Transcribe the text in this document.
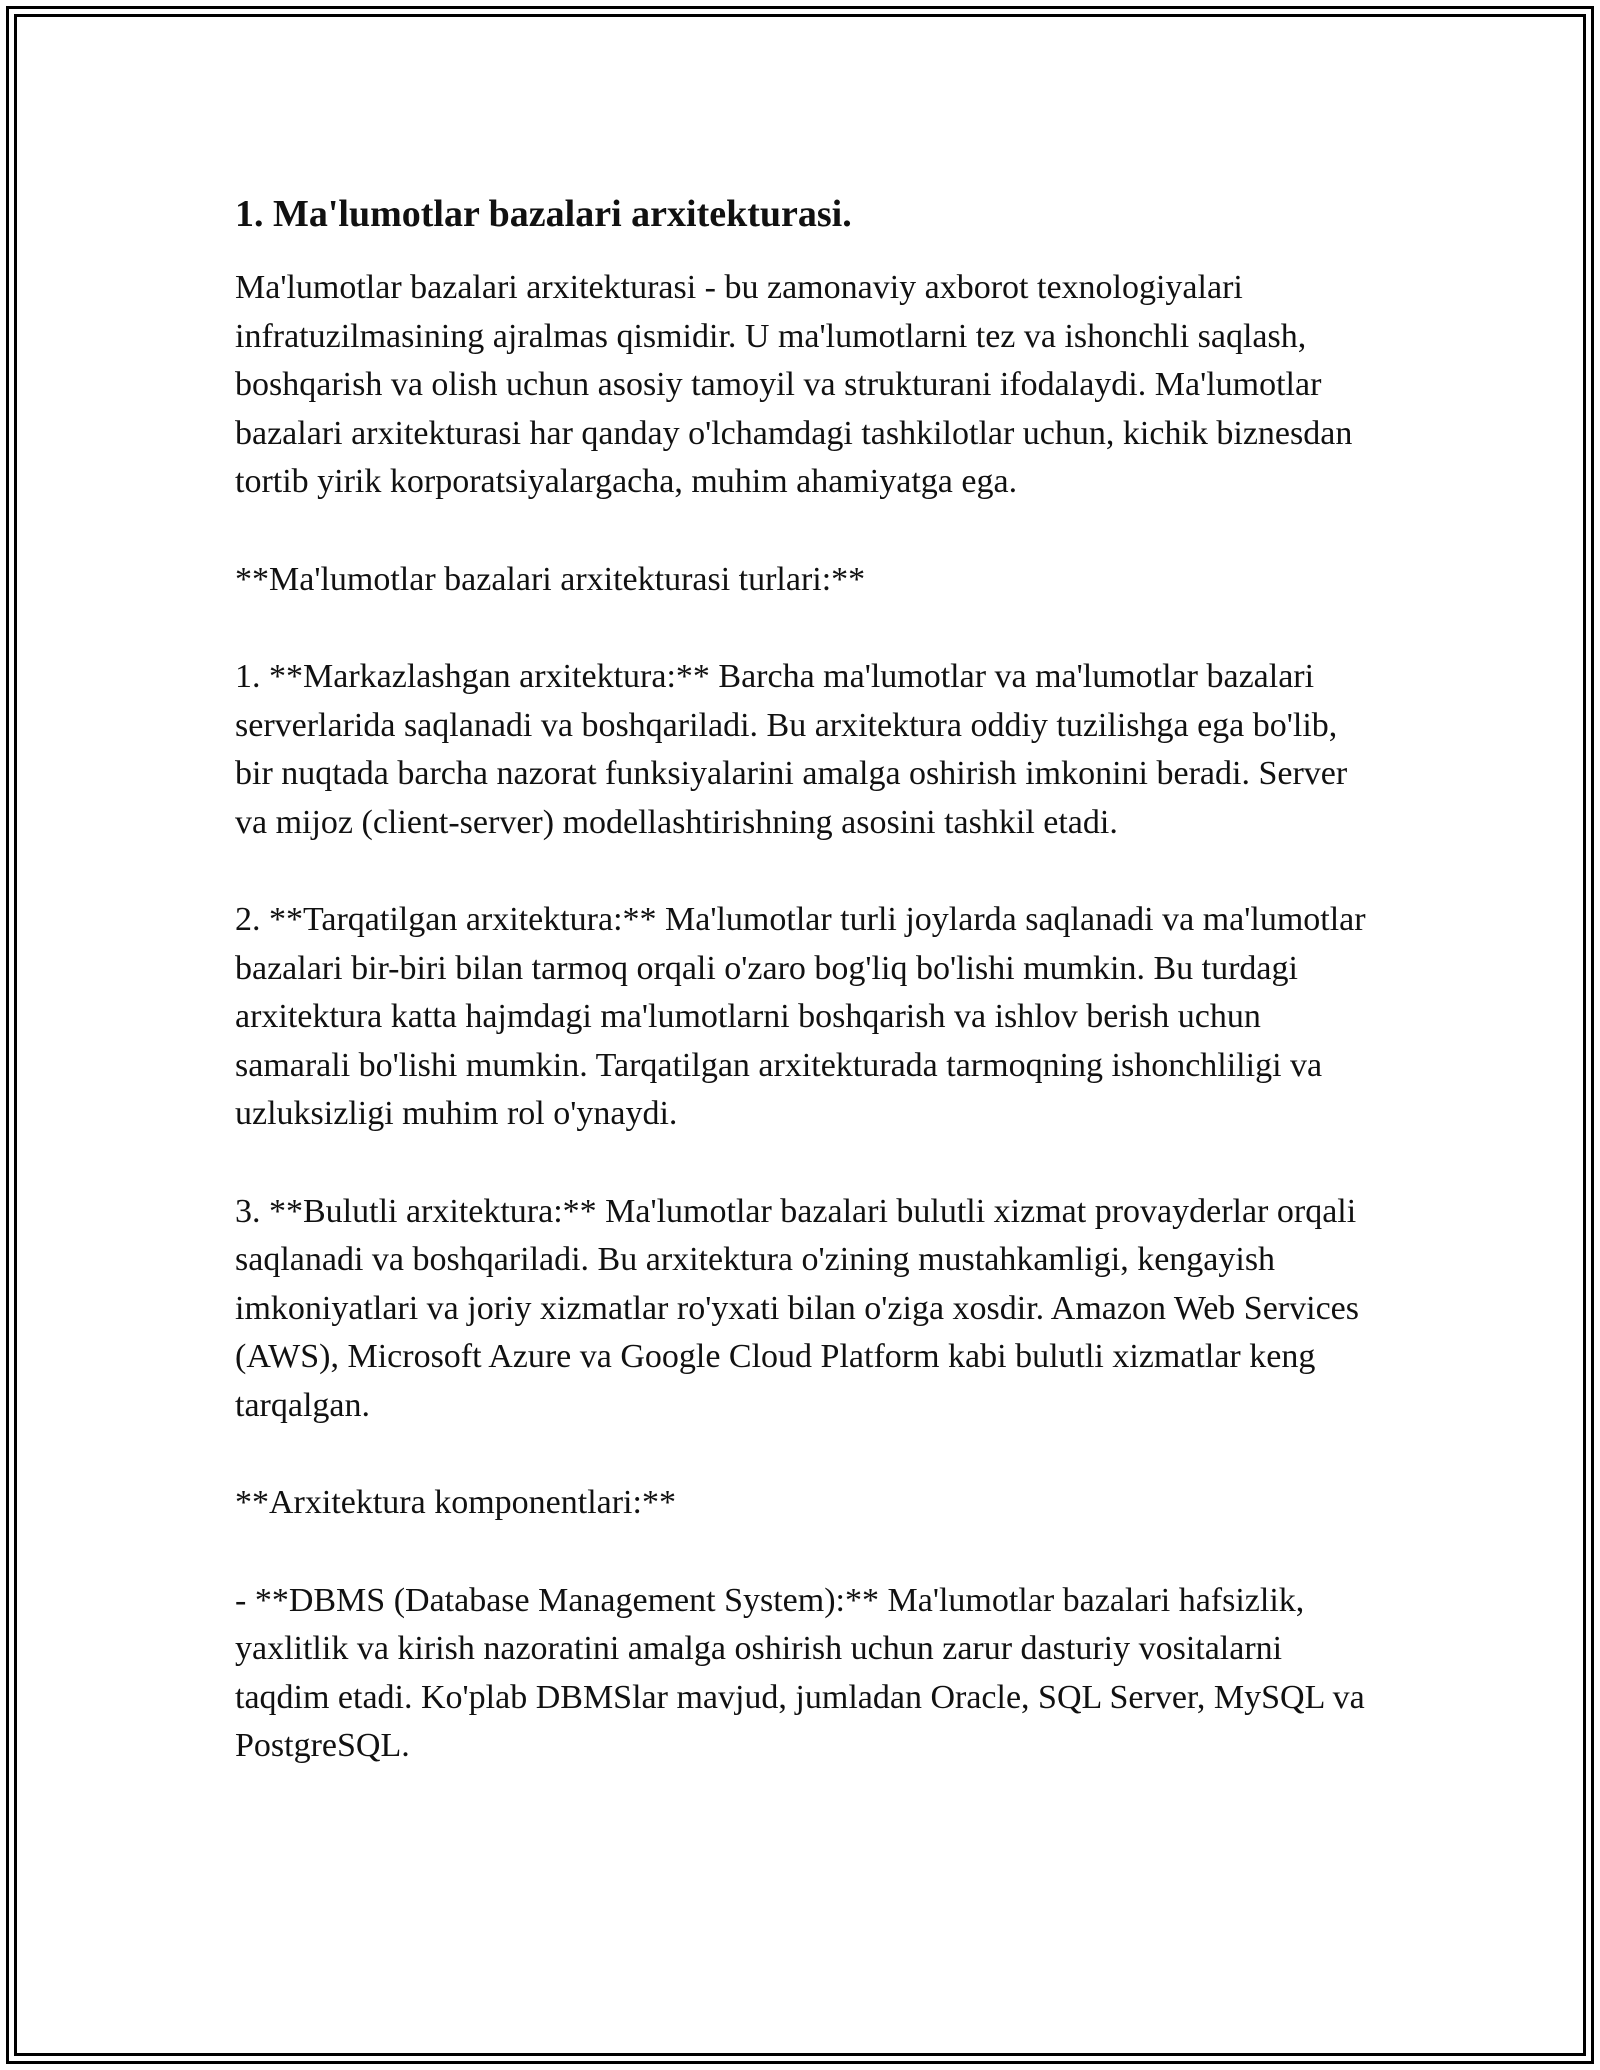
1. Ma'lumotlar bazalari arxitekturasi.

Ma'lumotlar bazalari arxitekturasi - bu zamonaviy axborot texnologiyalari infratuzilmasining ajralmas qismidir. U ma'lumotlarni tez va ishonchli saqlash, boshqarish va olish uchun asosiy tamoyil va strukturani ifodalaydi. Ma'lumotlar bazalari arxitekturasi har qanday o'lchamdagi tashkilotlar uchun, kichik biznesdan tortib yirik korporatsiyalargacha, muhim ahamiyatga ega.

**Ma'lumotlar bazalari arxitekturasi turlari:**

1. **Markazlashgan arxitektura:** Barcha ma'lumotlar va ma'lumotlar bazalari serverlarida saqlanadi va boshqariladi. Bu arxitektura oddiy tuzilishga ega bo'lib, bir nuqtada barcha nazorat funksiyalarini amalga oshirish imkonini beradi. Server va mijoz (client-server) modellashtirishning asosini tashkil etadi.

2. **Tarqatilgan arxitektura:** Ma'lumotlar turli joylarda saqlanadi va ma'lumotlar bazalari bir-biri bilan tarmoq orqali o'zaro bog'liq bo'lishi mumkin. Bu turdagi arxitektura katta hajmdagi ma'lumotlarni boshqarish va ishlov berish uchun samarali bo'lishi mumkin. Tarqatilgan arxitekturada tarmoqning ishonchliligi va uzluksizligi muhim rol o'ynaydi.

3. **Bulutli arxitektura:** Ma'lumotlar bazalari bulutli xizmat provayderlar orqali saqlanadi va boshqariladi. Bu arxitektura o'zining mustahkamligi, kengayish imkoniyatlari va joriy xizmatlar ro'yxati bilan o'ziga xosdir. Amazon Web Services (AWS), Microsoft Azure va Google Cloud Platform kabi bulutli xizmatlar keng tarqalgan.

**Arxitektura komponentlari:**

- **DBMS (Database Management System):** Ma'lumotlar bazalari hafsizlik, yaxlitlik va kirish nazoratini amalga oshirish uchun zarur dasturiy vositalarni taqdim etadi. Ko'plab DBMSlar mavjud, jumladan Oracle, SQL Server, MySQL va PostgreSQL.
